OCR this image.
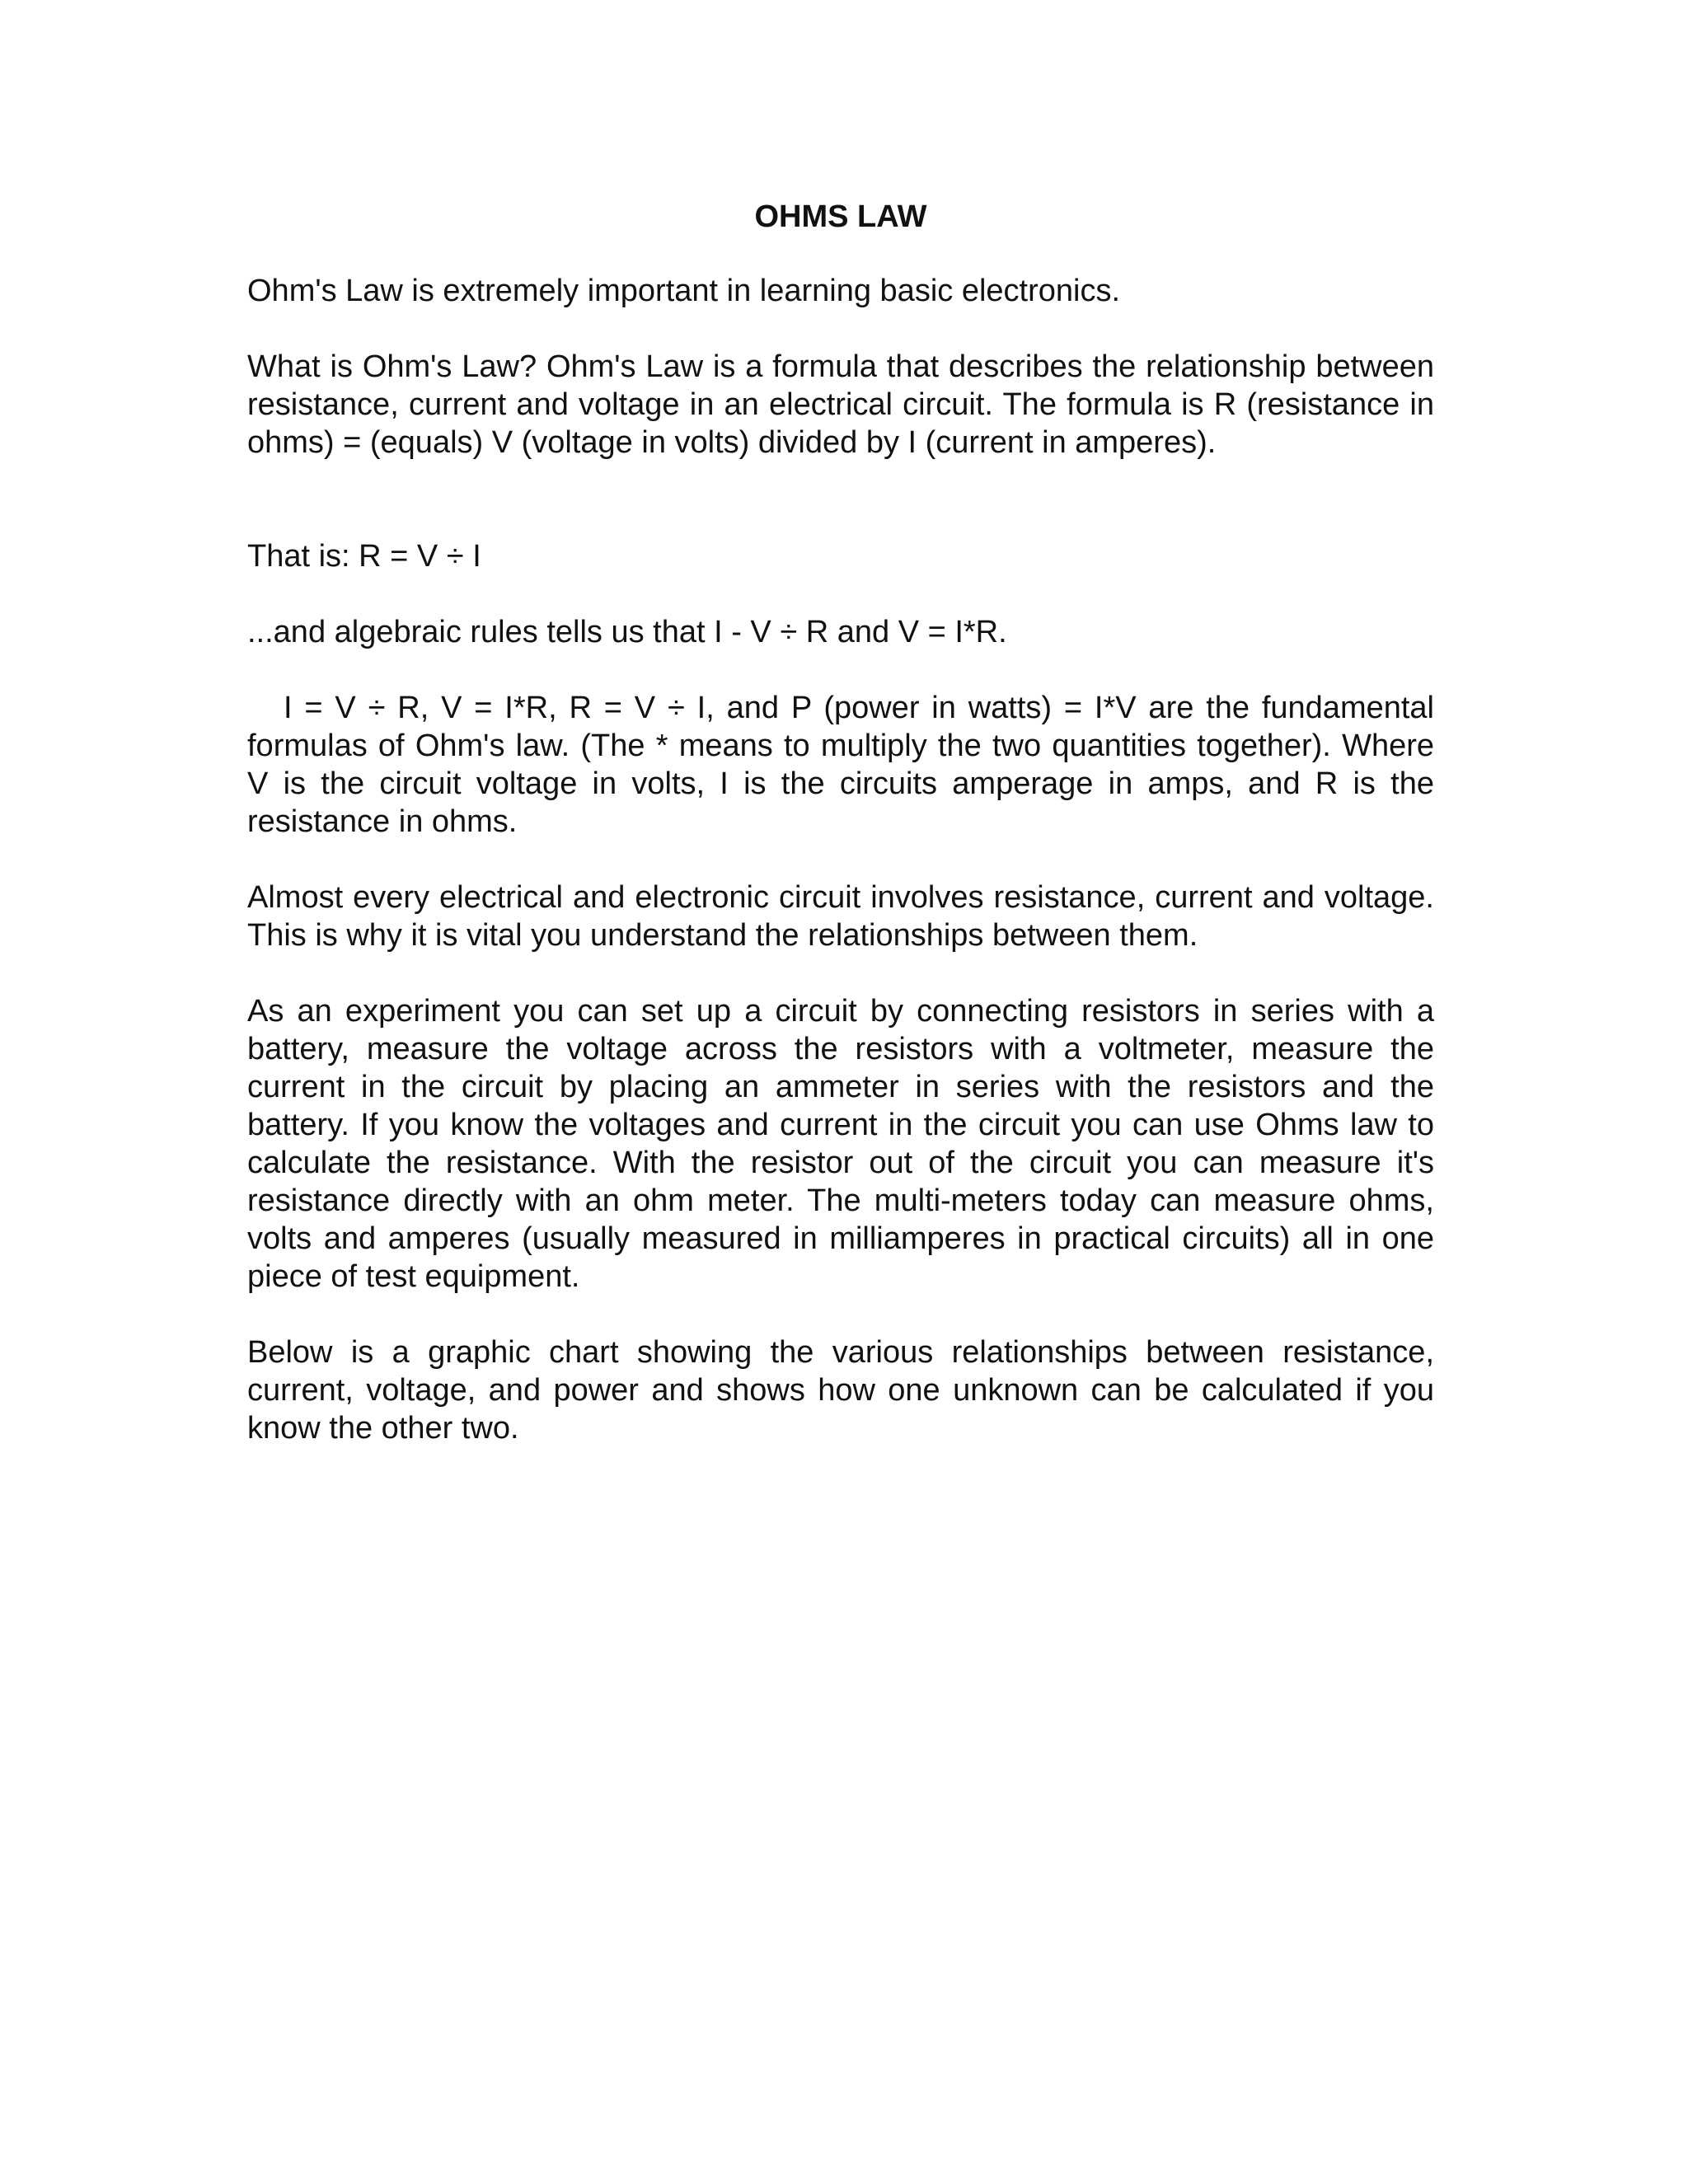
OHMS LAW

Ohm's Law is extremely important in learning basic electronics.

What is Ohm's Law? Ohm's Law is a formula that describes the relationship between resistance, current and voltage in an electrical circuit. The formula is R (resistance in ohms) = (equals) V (voltage in volts) divided by I (current in amperes).

That is: R = V ÷ I

...and algebraic rules tells us that I - V ÷ R and V = I*R.

I = V ÷ R, V = I*R, R = V ÷ I, and P (power in watts) = I*V are the fundamental formulas of Ohm's law. (The * means to multiply the two quantities together). Where V is the circuit voltage in volts, I is the circuits amperage in amps, and R is the resistance in ohms.

Almost every electrical and electronic circuit involves resistance, current and voltage. This is why it is vital you understand the relationships between them.

As an experiment you can set up a circuit by connecting resistors in series with a battery, measure the voltage across the resistors with a voltmeter, measure the current in the circuit by placing an ammeter in series with the resistors and the battery. If you know the voltages and current in the circuit you can use Ohms law to calculate the resistance. With the resistor out of the circuit you can measure it's resistance directly with an ohm meter. The multi-meters today can measure ohms, volts and amperes (usually measured in milliamperes in practical circuits) all in one piece of test equipment.

Below is a graphic chart showing the various relationships between resistance, current, voltage, and power and shows how one unknown can be calculated if you know the other two.
